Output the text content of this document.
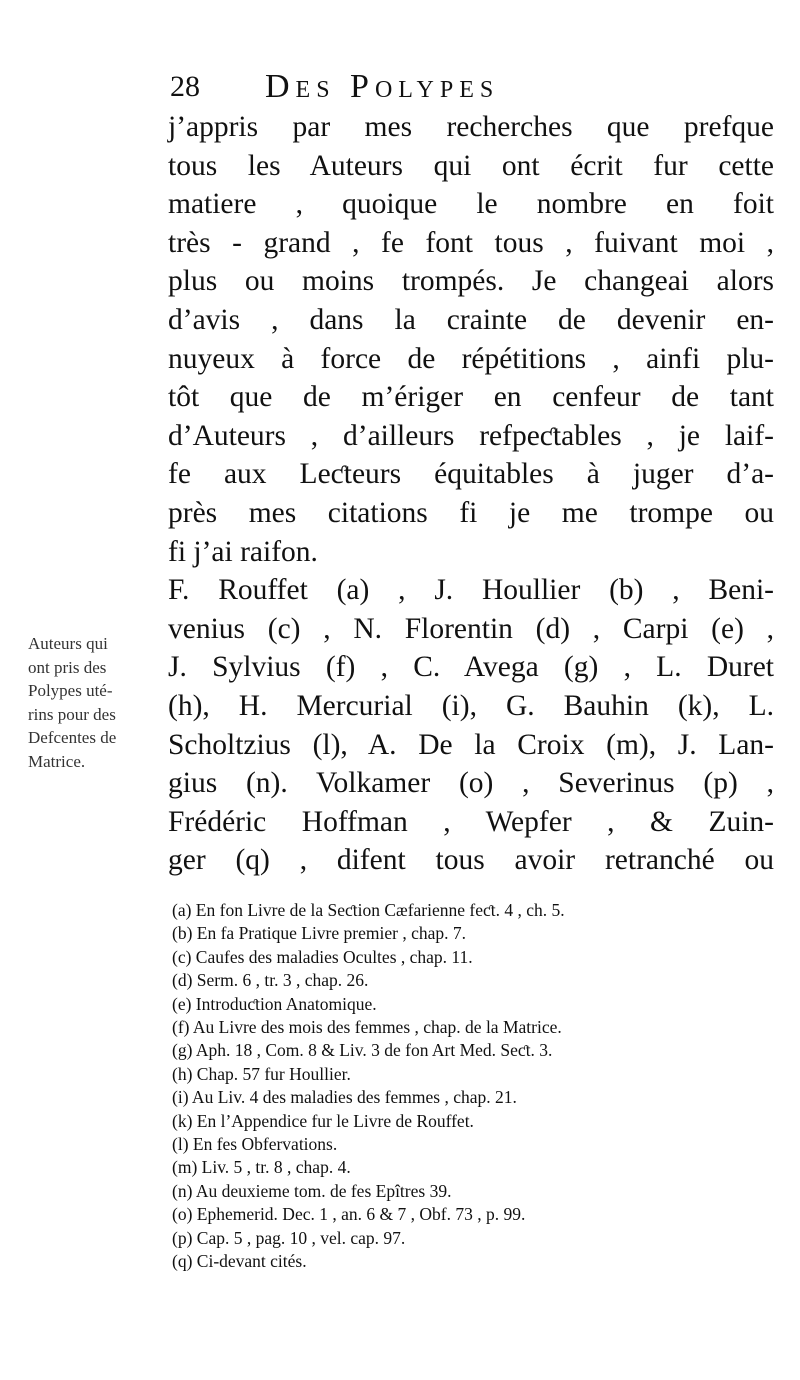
28 Des Polypes
j’appris par mes recherches que prefque
tous les Auteurs qui ont écrit fur cette
matiere , quoique le nombre en foit
très - grand , fe font tous , fuivant moi ,
plus ou moins trompés. Je changeai alors
d’avis , dans la crainte de devenir en-
nuyeux à force de répétitions , ainfi plu-
tôt que de m’ériger en cenfeur de tant
d’Auteurs , d’ailleurs refpeƈtables , je laif-
fe aux Leƈteurs équitables à juger d’a-
près mes citations fi je me trompe ou
fi j’ai raifon.
F. Rouffet (a) , J. Houllier (b) , Beni-
venius (c) , N. Florentin (d) , Carpi (e) ,
J. Sylvius (f) , C. Avega (g) , L. Duret
(h), H. Mercurial (i), G. Bauhin (k), L.
Scholtzius (l), A. De la Croix (m), J. Lan-
gius (n). Volkamer (o) , Severinus (p) ,
Frédéric Hoffman , Wepfer , & Zuin-
ger (q) , difent tous avoir retranché ou
Auteurs qui
ont pris des
Polypes uté-
rins pour des
Defcentes de
Matrice.
(a) En fon Livre de la Seƈtion Cæfarienne feƈt. 4 , ch. 5.
(b) En fa Pratique Livre premier , chap. 7.
(c) Caufes des maladies Oculteѕ , chap. 11.
(d) Serm. 6 , tr. 3 , chap. 26.
(e) Introduƈtion Anatomique.
(f) Au Livre des mois des femmes , chap. de la Matrice.
(g) Aph. 18 , Com. 8 & Liv. 3 de fon Art Med. Seƈt. 3.
(h) Chap. 57 fur Houllier.
(i) Au Liv. 4 des maladies des femmes , chap. 21.
(k) En l’Appendice fur le Livre de Rouffet.
(l) En fes Obfervations.
(m) Liv. 5 , tr. 8 , chap. 4.
(n) Au deuxieme tom. de fes Epîtres 39.
(o) Ephemerid. Dec. 1 , an. 6 & 7 , Obf. 73 , p. 99.
(p) Cap. 5 , pag. 10 , vel. cap. 97.
(q) Ci-devant cités.
